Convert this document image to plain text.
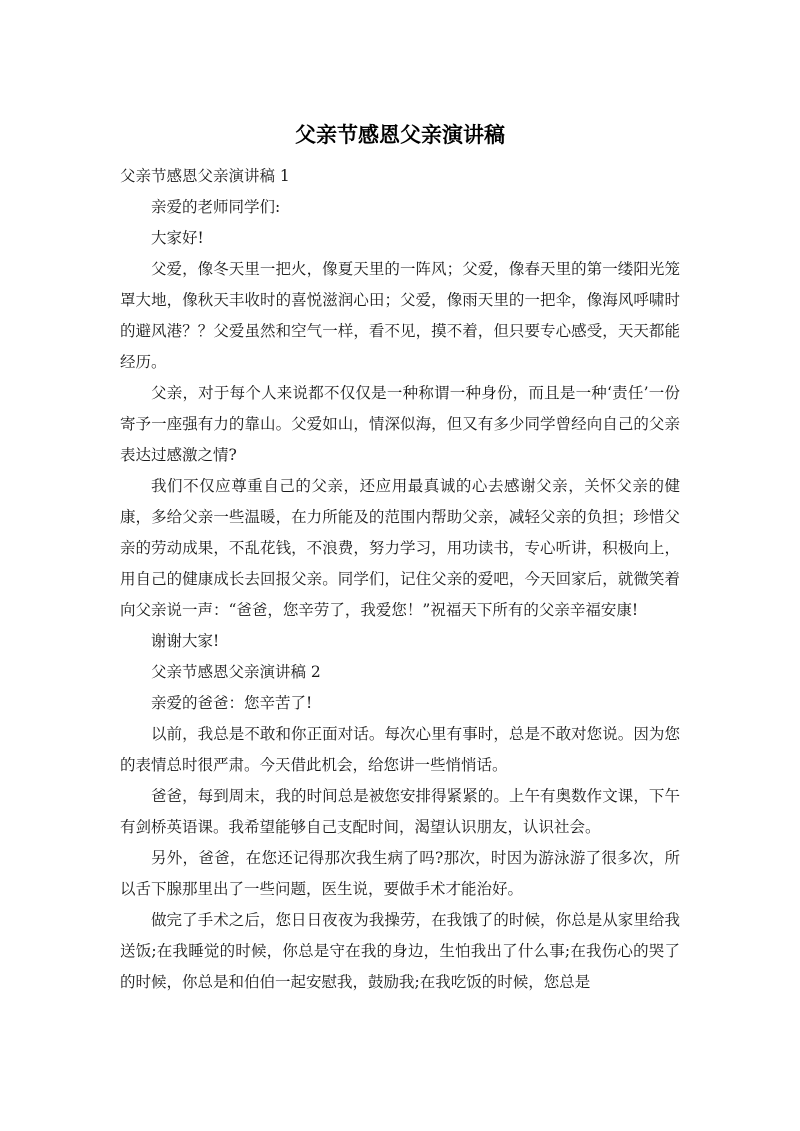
父亲节感恩父亲演讲稿

父亲节感恩父亲演讲稿 1

亲爱的老师同学们:

大家好!

父爱，像冬天里一把火，像夏天里的一阵风；父爱，像春天里的第一缕阳光笼罩大地，像秋天丰收时的喜悦滋润心田；父爱，像雨天里的一把伞，像海风呼啸时的避风港？？父爱虽然和空气一样，看不见，摸不着，但只要专心感受，天天都能经历。

父亲，对于每个人来说都不仅仅是一种称谓一种身份，而且是一种‘责任’一份寄予一座强有力的靠山。父爱如山，情深似海，但又有多少同学曾经向自己的父亲表达过感激之情?

我们不仅应尊重自己的父亲，还应用最真诚的心去感谢父亲，关怀父亲的健康，多给父亲一些温暖，在力所能及的范围内帮助父亲，减轻父亲的负担；珍惜父亲的劳动成果，不乱花钱，不浪费，努力学习，用功读书，专心听讲，积极向上，用自己的健康成长去回报父亲。同学们，记住父亲的爱吧，今天回家后，就微笑着向父亲说一声：“爸爸，您辛劳了，我爱您！”祝福天下所有的父亲辛福安康!

谢谢大家!

父亲节感恩父亲演讲稿 2

亲爱的爸爸：您辛苦了!

以前，我总是不敢和你正面对话。每次心里有事时，总是不敢对您说。因为您的表情总时很严肃。今天借此机会，给您讲一些悄悄话。

爸爸，每到周末，我的时间总是被您安排得紧紧的。上午有奥数作文课，下午有剑桥英语课。我希望能够自己支配时间，渴望认识朋友，认识社会。

另外，爸爸，在您还记得那次我生病了吗?那次，时因为游泳游了很多次，所以舌下腺那里出了一些问题，医生说，要做手术才能治好。

做完了手术之后，您日日夜夜为我操劳，在我饿了的时候，你总是从家里给我送饭;在我睡觉的时候，你总是守在我的身边，生怕我出了什么事;在我伤心的哭了的时候，你总是和伯伯一起安慰我，鼓励我;在我吃饭的时候，您总是
